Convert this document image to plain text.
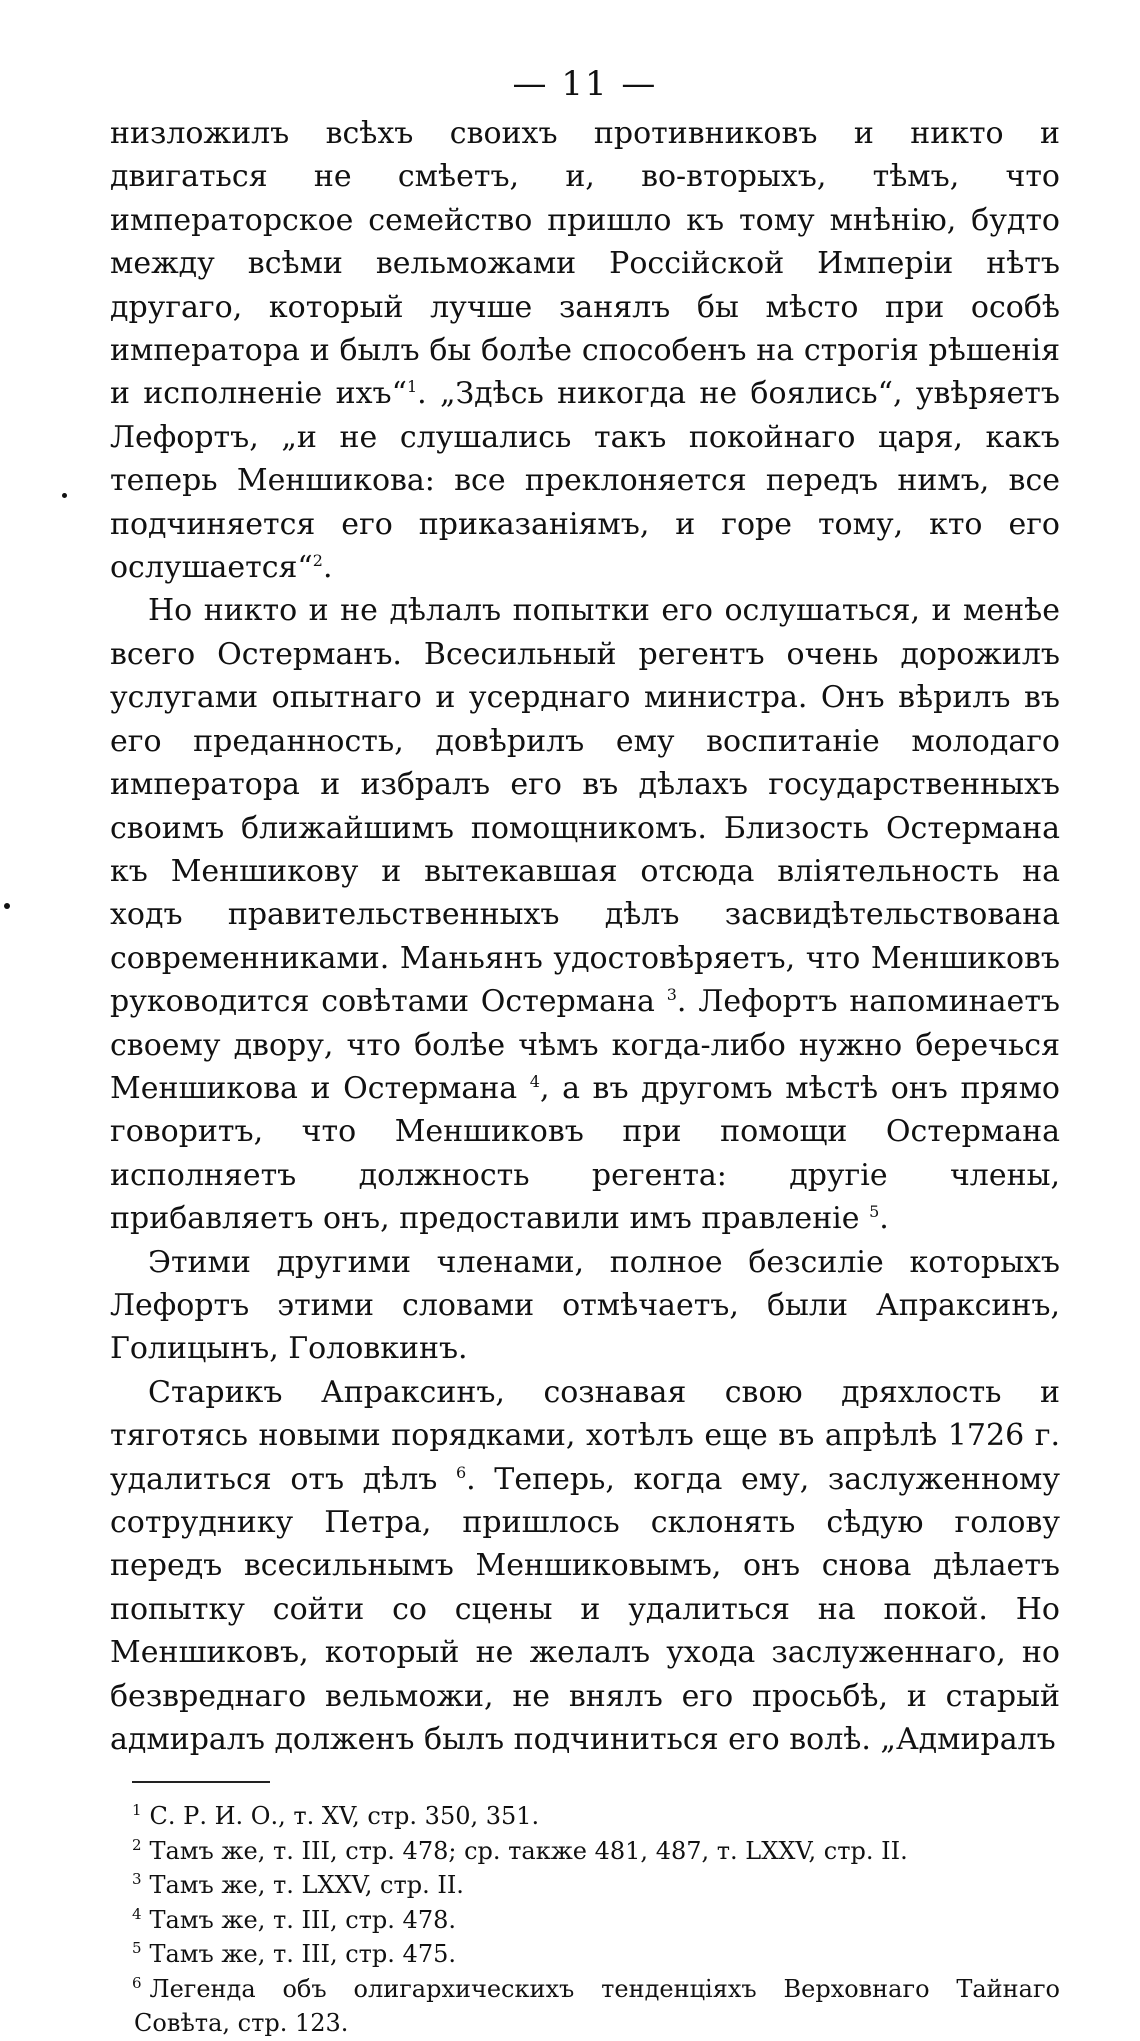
— 11 —

низложилъ всѣхъ своихъ противниковъ и никто и двигаться не смѣетъ, и, во-вторыхъ, тѣмъ, что императорское семейство пришло къ тому мнѣнію, будто между всѣми вельможами Россійской Имперіи нѣтъ другаго, который лучше занялъ бы мѣсто при особѣ императора и былъ бы болѣе способенъ на строгія рѣшенія и исполненіе ихъ“$^1$. „Здѣсь никогда не боялись“, увѣряетъ Лефортъ, „и не слушались такъ покойнаго царя, какъ теперь Меншикова: все преклоняется передъ нимъ, все подчиняется его приказаніямъ, и горе тому, кто его ослушается“$^2$.

Но никто и не дѣлалъ попытки его ослушаться, и менѣе всего Остерманъ. Всесильный регентъ очень дорожилъ услугами опытнаго и усерднаго министра. Онъ вѣрилъ въ его преданность, довѣрилъ ему воспитаніе молодаго императора и избралъ его въ дѣлахъ государственныхъ своимъ ближайшимъ помощникомъ. Близость Остермана къ Меншикову и вытекавшая отсюда вліятельность на ходъ правительственныхъ дѣлъ засвидѣтельствована современниками. Маньянъ удостовѣряетъ, что Меншиковъ руководится совѣтами Остермана $^3$. Лефортъ напоминаетъ своему двору, что болѣе чѣмъ когда-либо нужно беречься Меншикова и Остермана $^4$, а въ другомъ мѣстѣ онъ прямо говоритъ, что Меншиковъ при помощи Остермана исполняетъ должность регента: другіе члены, прибавляетъ онъ, предоставили имъ правленіе $^5$.

Этими другими членами, полное безсиліе которыхъ Лефортъ этими словами отмѣчаетъ, были Апраксинъ, Голицынъ, Головкинъ.

Старикъ Апраксинъ, сознавая свою дряхлость и тяготясь новыми порядками, хотѣлъ еще въ апрѣлѣ 1726 г. удалиться отъ дѣлъ $^6$. Теперь, когда ему, заслуженному сотруднику Петра, пришлось склонять сѣдую голову передъ всесильнымъ Меншиковымъ, онъ снова дѣлаетъ попытку сойти со сцены и удалиться на покой. Но Меншиковъ, который не желалъ ухода заслуженнаго, но безвреднаго вельможи, не внялъ его просьбѣ, и старый адмиралъ долженъ былъ подчиниться его волѣ. „Адмиралъ

$^1$ С. Р. И. О., т. XV, стр. 350, 351.
$^2$ Тамъ же, т. III, стр. 478; ср. также 481, 487, т. LXXV, стр. II.
$^3$ Тамъ же, т. LXXV, стр. II.
$^4$ Тамъ же, т. III, стр. 478.
$^5$ Тамъ же, т. III, стр. 475.
$^6$ Легенда объ олигархическихъ тенденціяхъ Верховнаго Тайнаго Совѣта, стр. 123.
